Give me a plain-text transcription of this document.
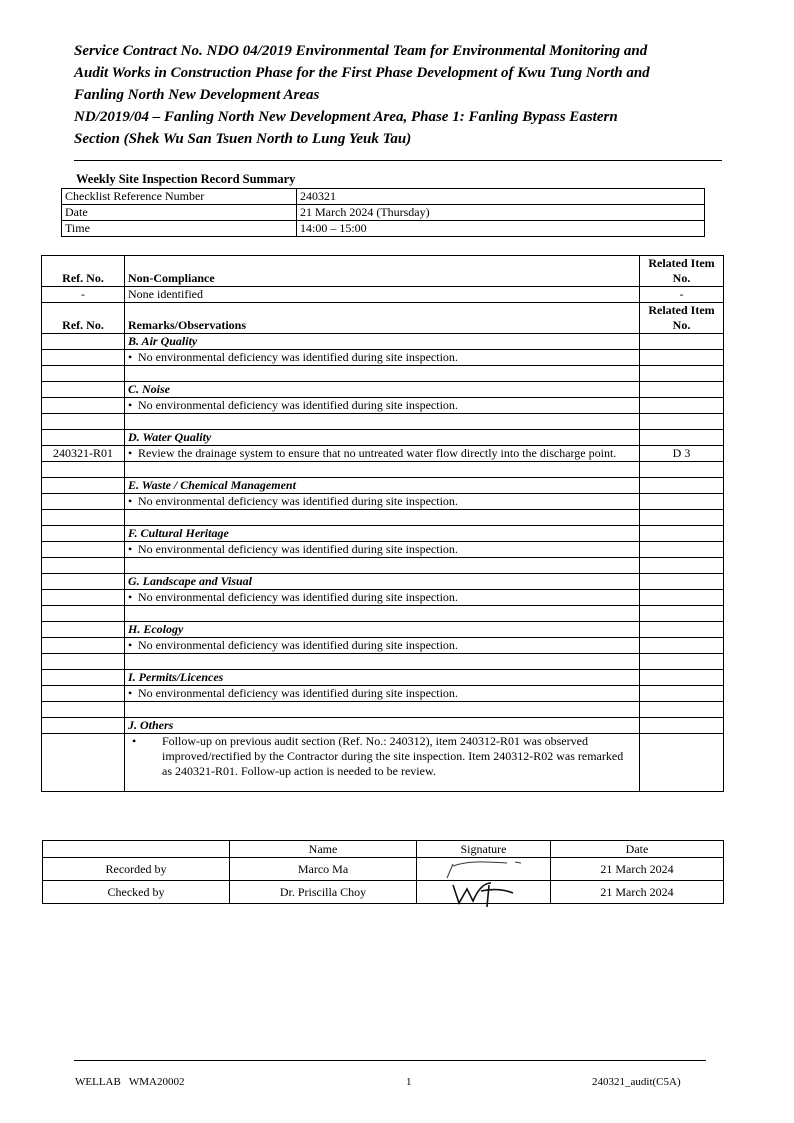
Service Contract No. NDO 04/2019 Environmental Team for Environmental Monitoring and
Audit Works in Construction Phase for the First Phase Development of Kwu Tung North and
Fanling North New Development Areas
ND/2019/04 – Fanling North New Development Area, Phase 1: Fanling Bypass Eastern
Section (Shek Wu San Tsuen North to Lung Yeuk Tau)
Weekly Site Inspection Record Summary
Checklist Reference Number	240321
Date	21 March 2024 (Thursday)
Time	14:00 – 15:00
Ref. No.	Non-Compliance	Related Item No.
-	None identified	-
Ref. No.	Remarks/Observations	Related Item No.
	B. Air Quality	

	• No environmental deficiency was identified during site inspection.	

	C. Noise	

	• No environmental deficiency was identified during site inspection.	

	D. Water Quality	
240321-R01	• Review the drainage system to ensure that no untreated water flow directly into the discharge point.	D 3

	E. Waste / Chemical Management	

	• No environmental deficiency was identified during site inspection.	

	F. Cultural Heritage	

	• No environmental deficiency was identified during site inspection.	

	G. Landscape and Visual	

	• No environmental deficiency was identified during site inspection.	

	H. Ecology	

	• No environmental deficiency was identified during site inspection.	

	I. Permits/Licences	

	• No environmental deficiency was identified during site inspection.	

	J. Others	

	• Follow-up on previous audit section (Ref. No.: 240312), item 240312-R01 was observed improved/rectified by the Contractor during the site inspection. Item 240312-R02 was remarked as 240321-R01. Follow-up action is needed to be review.	

	Name	Signature	Date
Recorded by	Marco Ma		21 March 2024
Checked by	Dr. Priscilla Choy		21 March 2024
WELLAB   WMA20002	1	240321_audit(C5A)
